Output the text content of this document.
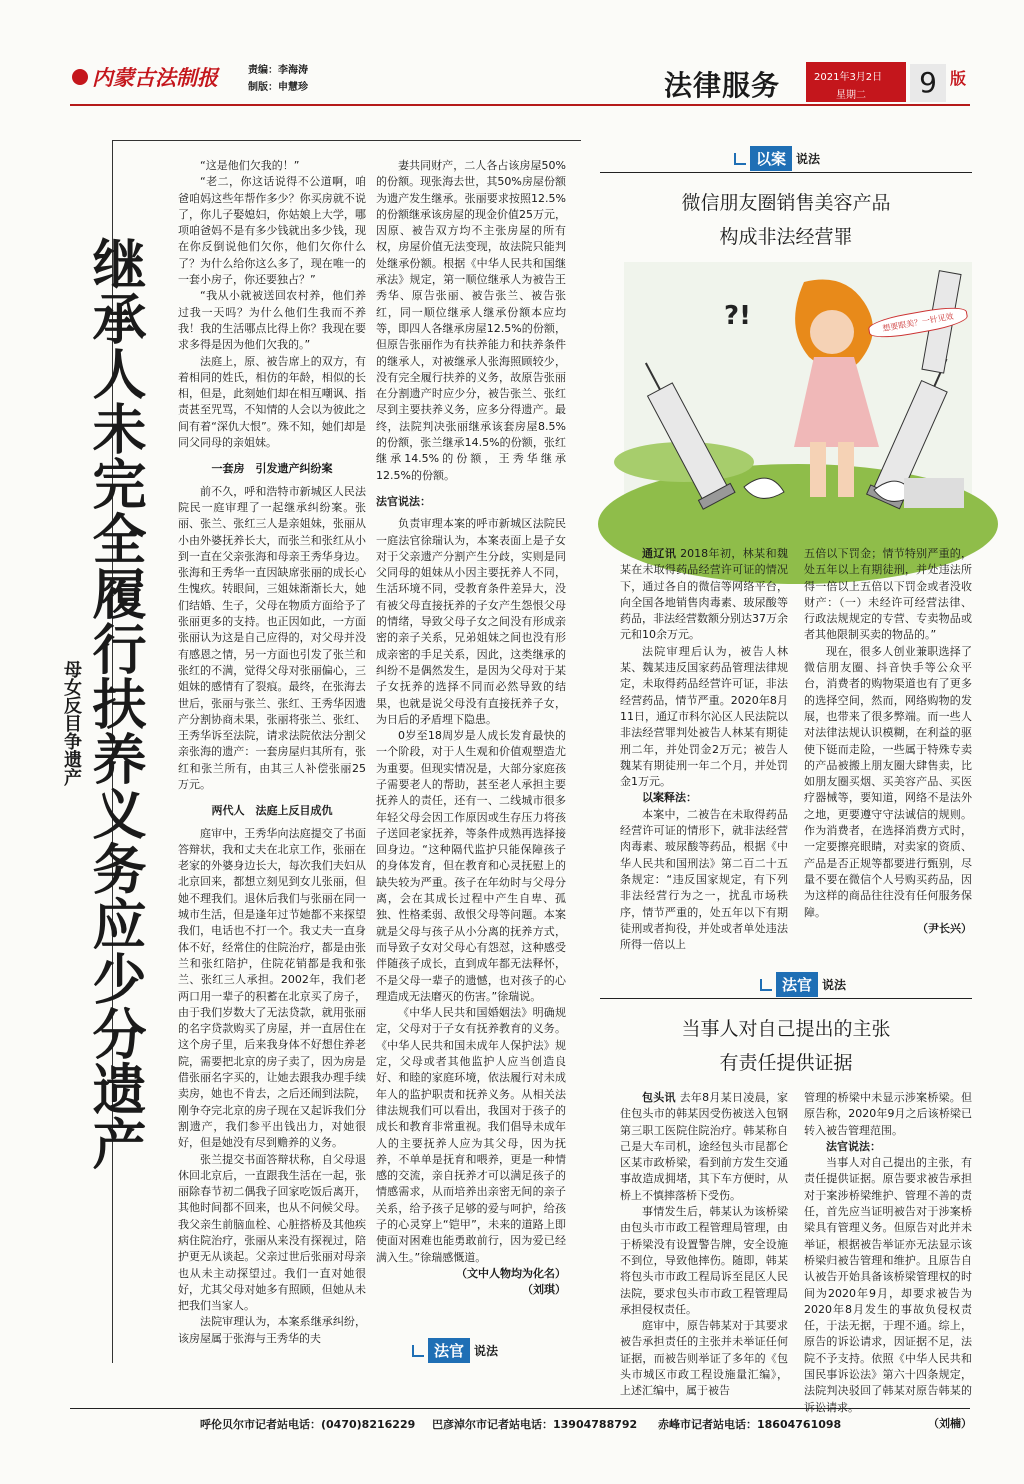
内蒙古法制报	责编：李海涛
制版：申慧珍	法律服务	2021年3月2日
星期二	9 版
继承人未完全履行扶养义务应少分遗产
母女反目争遗产

“这是他们欠我的！”

“老二，你这话说得不公道啊，咱爸咱妈这些年帮作多少？你买房就不说了，你儿子娶媳妇，你姑娘上大学，哪项咱爸妈不是有多少钱就出多少钱，现在你反倒说他们欠你，他们欠你什么了？为什么给你这么多了，现在唯一的一套小房子，你还要独占？”

“我从小就被送回农村养，他们养过我一天吗？为什么他们生我而不养我！我的生活哪点比得上你？我现在要求多得是因为他们欠我的。”

法庭上，原、被告席上的双方，有着相同的姓氏，相仿的年龄，相似的长相，但是，此刻她们却在相互嘲讽、指责甚至咒骂，不知情的人会以为彼此之间有着“深仇大恨”。殊不知，她们却是同父同母的亲姐妹。

一套房　引发遗产纠纷案

前不久，呼和浩特市新城区人民法院民一庭审理了一起继承纠纷案。张丽、张兰、张红三人是亲姐妹，张丽从小由外婆抚养长大，而张兰和张红从小到一直在父亲张海和母亲王秀华身边。张海和王秀华一直因缺席张丽的成长心生愧疚。转眼间，三姐妹渐渐长大，她们结婚、生子，父母在物质方面给予了张丽更多的支持。也正因如此，一方面张丽认为这是自己应得的，对父母并没有感恩之情，另一方面也引发了张兰和张红的不满，觉得父母对张丽偏心，三姐妹的感情有了裂痕。最终，在张海去世后，张丽与张兰、张红、王秀华因遗产分割协商未果，张丽将张兰、张红、王秀华诉至法院，请求法院依法分割父亲张海的遗产：一套房屋归其所有，张红和张兰所有，由其三人补偿张丽25万元。

两代人　法庭上反目成仇

庭审中，王秀华向法庭提交了书面答辩状，我和丈夫在北京工作，张丽在老家的外婆身边长大，每次我们夫妇从北京回来，都想立刻见到女儿张丽，但她不理我们。退休后我们与张丽在同一城市生活，但是逢年过节她都不来探望我们，电话也不打一个。我丈夫一直身体不好，经常住的住院治疗，都是由张兰和张红陪护，住院花销都是我和张兰、张红三人承担。2002年，我们老两口用一辈子的积蓄在北京买了房子，由于我们岁数大了无法贷款，就用张丽的名字贷款购买了房屋，并一直居住在这个房子里，后来我身体不好想住养老院，需要把北京的房子卖了，因为房是借张丽名字买的，让她去跟我办理手续卖房，她也不肯去，之后还闹到法院，刚争夺完北京的房子现在又起诉我们分割遗产，我们参平出钱出力，对她很好，但是她没有尽到赡养的义务。

张兰提交书面答辩状称，自父母退休回北京后，一直跟我生活在一起，张丽除春节初二偶我子回家吃饭后离开，其他时间都不回来，也从不问候父母。我父亲生前脑血栓、心脏搭桥及其他疾病住院治疗，张丽从来没有探视过，陪护更无从谈起。父亲过世后张丽对母亲也从未主动探望过。我们一直对她很好，尤其父母对她多有照顾，但她从未把我们当家人。

法院审理认为，本案系继承纠纷，该房屋属于张海与王秀华的夫

妻共同财产，二人各占该房屋50%的份额。现张海去世，其50%房屋份额为遗产发生继承。张丽要求按照12.5%的份额继承该房屋的现金价值25万元，因原、被告双方均不主张房屋的所有权，房屋价值无法变现，故法院只能判处继承份额。根据《中华人民共和国继承法》规定，第一顺位继承人为被告王秀华、原告张丽、被告张兰、被告张红，同一顺位继承人继承份额本应均等，即四人各继承房屋12.5%的份额，但原告张丽作为有扶养能力和扶养条件的继承人，对被继承人张海照顾较少，没有完全履行扶养的义务，故原告张丽在分割遗产时应少分，被告张兰、张红尽到主要扶养义务，应多分得遗产。最终，法院判决张丽继承该套房屋8.5%的份额，张兰继承14.5%的份额，张红继承14.5%的份额，王秀华继承12.5%的份额。

法官说法：

负责审理本案的呼市新城区法院民一庭法官徐瑞认为，本案表面上是子女对于父亲遗产分割产生分歧，实则是同父同母的姐妹从小因主要抚养人不同，生活环境不同，受教育条件差异大，没有被父母直接抚养的子女产生怨恨父母的情绪，导致父母子女之间没有形成亲密的亲子关系，兄弟姐妹之间也没有形成亲密的手足关系，因此，这类继承的纠纷不是偶然发生，是因为父母对于某子女抚养的选择不同而必然导致的结果，也就是说父母没有直接抚养子女，为日后的矛盾埋下隐患。

0岁至18周岁是人成长发育最快的一个阶段，对于人生观和价值观塑造尤为重要。但现实情况是，大部分家庭孩子需要老人的帮助，甚至老人承担主要抚养人的责任，还有一、二线城市很多年轻父母会因工作原因或生存压力将孩子送回老家抚养，等条件成熟再选择接回身边。“这种隔代监护只能保障孩子的身体发育，但在教育和心灵抚慰上的缺失较为严重。孩子在年幼时与父母分离，会在其成长过程中产生自卑、孤独、性格柔弱、敌恨父母等问题。本案就是父母与孩子从小分离的抚养方式，而导致子女对父母心有怨怼，这种感受伴随孩子成长，直到成年都无法释怀，不是父母一辈子的遗憾，也对孩子的心理造成无法磨灭的伤害。”徐瑞说。

《中华人民共和国婚姻法》明确规定，父母对于子女有抚养教育的义务。《中华人民共和国未成年人保护法》规定，父母或者其他监护人应当创造良好、和睦的家庭环境，依法履行对未成年人的监护职责和抚养义务。从相关法律法规我们可以看出，我国对于孩子的成长和教育非常重视。我们倡导未成年人的主要抚养人应为其父母，因为抚养，不单单是抚育和喂养，更是一种情感的交流，亲自抚养才可以满足孩子的情感需求，从而培养出亲密无间的亲子关系，给予孩子足够的爱与呵护，给孩子的心灵穿上“铠甲”，未来的道路上即使面对困难也能勇敢前行，因为爱已经满入生。”徐瑞感慨道。

（文中人物均为化名）
（刘琪）
法官 说法
以案 说法
微信朋友圈销售美容产品
构成非法经营罪
?!	想要眼美？一针见效

通辽讯 2018年初，林某和魏某在未取得药品经营许可证的情况下，通过各自的微信等网络平台，向全国各地销售肉毒素、玻尿酸等药品，非法经营数额分别达37万余元和10余万元。

法院审理后认为，被告人林某、魏某违反国家药品管理法律规定，未取得药品经营许可证，非法经营药品，情节严重。2020年8月11日，通辽市科尔沁区人民法院以非法经营罪判处被告人林某有期徒刑二年，并处罚金2万元；被告人魏某有期徒刑一年二个月，并处罚金1万元。

以案释法：

本案中，二被告在未取得药品经营许可证的情形下，就非法经营肉毒素、玻尿酸等药品，根据《中华人民共和国刑法》第二百二十五条规定：“违反国家规定，有下列非法经营行为之一，扰乱市场秩序，情节严重的，处五年以下有期徒刑或者拘役，并处或者单处违法所得一倍以上

五倍以下罚金；情节特别严重的，处五年以上有期徒刑，并处违法所得一倍以上五倍以下罚金或者没收财产：（一）未经许可经营法律、行政法规规定的专营、专卖物品或者其他限制买卖的物品的。”

现在，很多人创业兼职选择了微信朋友圈、抖音快手等公众平台，消费者的购物渠道也有了更多的选择空间，然而，网络购物的发展，也带来了很多弊端。而一些人对法律法规认识模糊，在利益的驱使下铤而走险，一些属于特殊专卖的产品被搬上朋友圈大肆售卖，比如朋友圈买烟、买美容产品、买医疗器械等，要知道，网络不是法外之地，更要遵守守法诚信的规则。作为消费者，在选择消费方式时，一定要擦亮眼睛，对卖家的资质、产品是否正规等都要进行甄别，尽量不要在微信个人号购买药品，因为这样的商品往往没有任何服务保障。

（尹长兴）
法官 说法
当事人对自己提出的主张
有责任提供证据

包头讯 去年8月某日凌晨，家住包头市的韩某因受伤被送入包钢第三职工医院住院治疗。韩某称自己是大车司机，途经包头市昆都仑区某市政桥梁，看到前方发生交通事故造成拥堵，其下车方便时，从桥上不慎摔落桥下受伤。

事情发生后，韩某认为该桥梁由包头市市政工程管理局管理，由于桥梁没有设置警告牌，安全设施不到位，导致他摔伤。随即，韩某将包头市市政工程局诉至昆区人民法院，要求包头市市政工程管理局承担侵权责任。

庭审中，原告韩某对于其要求被告承担责任的主张并未举证任何证据，而被告则举证了多年的《包头市城区市政工程设施量汇编》，上述汇编中，属于被告

管理的桥梁中未显示涉案桥梁。但原告称，2020年9月之后该桥梁已转入被告管理范围。

法官说法：

当事人对自己提出的主张，有责任提供证据。原告要求被告承担对于案涉桥梁维护、管理不善的责任，首先应当证明被告对于涉案桥梁具有管理义务。但原告对此并未举证，根据被告举证亦无法显示该桥梁归被告管理和维护。且原告自认被告开始具备该桥梁管理权的时间为2020年9月，却要求被告为2020年8月发生的事故负侵权责任，于法无据，于理不通。综上，原告的诉讼请求，因证据不足，法院不予支持。依照《中华人民共和国民事诉讼法》第六十四条规定，法院判决驳回了韩某对原告韩某的

（刘楠）
呼伦贝尔市记者站电话：(0470)8216229 巴彦淖尔市记者站电话：13904788792 赤峰市记者站电话：18604761098
